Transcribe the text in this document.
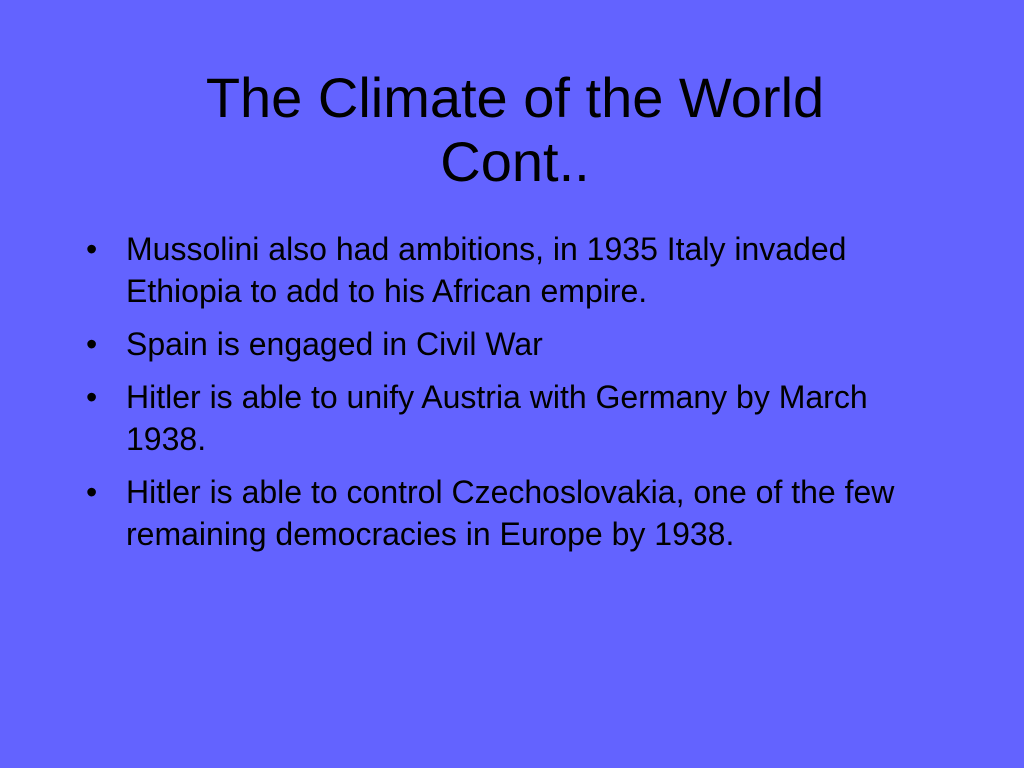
The Climate of the World
Cont..
• Mussolini also had ambitions, in 1935 Italy invaded Ethiopia to add to his African empire.
• Spain is engaged in Civil War
• Hitler is able to unify Austria with Germany by March 1938.
• Hitler is able to control Czechoslovakia, one of the few remaining democracies in Europe by 1938.
